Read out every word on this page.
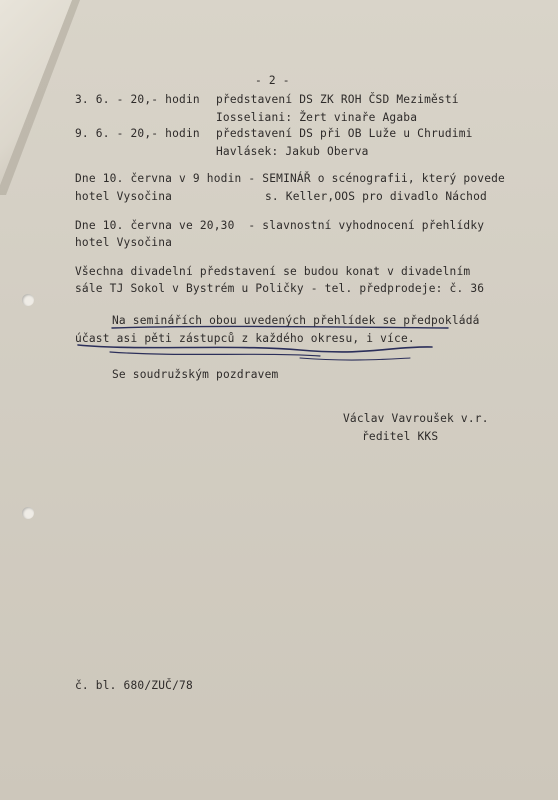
- 2 -

3. 6. - 20,- hodin představení DS ZK ROH ČSD Meziměstí

Iosseliani: Žert vinaře Agaba

9. 6. - 20,- hodin představení DS při OB Luže u Chrudimi

Havlásek: Jakub Oberva

Dne 10. června v 9 hodin - SEMINÁŘ o scénografii, který povede

hotel Vysočina	s. Keller,OOS pro divadlo Náchod

Dne 10. června ve 20,30  - slavnostní vyhodnocení přehlídky

hotel Vysočina

Všechna divadelní představení se budou konat v divadelním

sále TJ Sokol v Bystrém u Poličky - tel. předprodeje: č. 36

Na seminářích obou uvedených přehlídek se předpokládá

účast asi pěti zástupců z každého okresu, i více.

Se soudružským pozdravem

Václav Vavroušek v.r.

ředitel KKS

č. bl. 680/ZUČ/78
